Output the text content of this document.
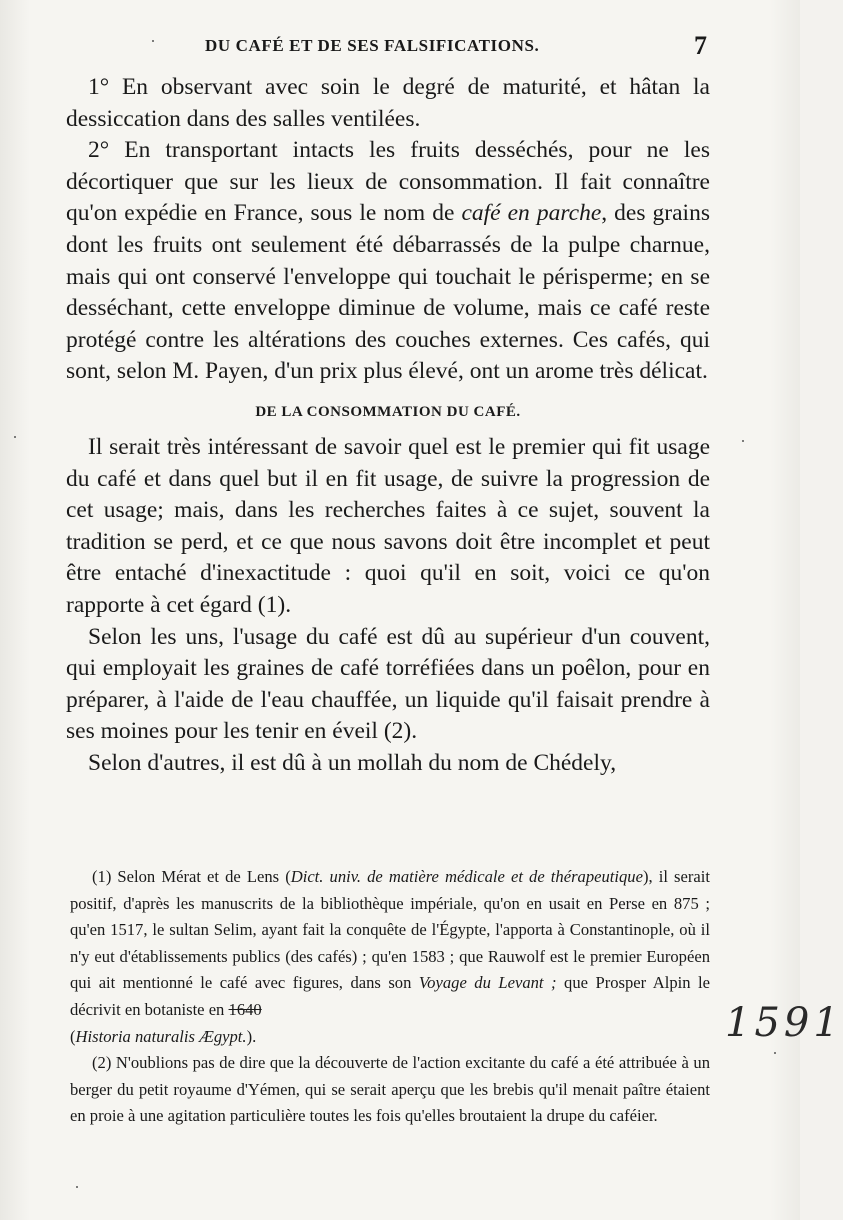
DU CAFÉ ET DE SES FALSIFICATIONS.	7

1° En observant avec soin le degré de maturité, et hâtan la dessiccation dans des salles ventilées.

2° En transportant intacts les fruits desséchés, pour ne les décortiquer que sur les lieux de consommation. Il fait connaître qu'on expédie en France, sous le nom de café en parche, des grains dont les fruits ont seulement été débarrassés de la pulpe charnue, mais qui ont conservé l'enveloppe qui touchait le périsperme; en se desséchant, cette enveloppe diminue de volume, mais ce café reste protégé contre les altérations des couches externes. Ces cafés, qui sont, selon M. Payen, d'un prix plus élevé, ont un arome très délicat.

DE LA CONSOMMATION DU CAFÉ.

Il serait très intéressant de savoir quel est le premier qui fit usage du café et dans quel but il en fit usage, de suivre la progression de cet usage; mais, dans les recherches faites à ce sujet, souvent la tradition se perd, et ce que nous savons doit être incomplet et peut être entaché d'inexactitude : quoi qu'il en soit, voici ce qu'on rapporte à cet égard (1).

Selon les uns, l'usage du café est dû au supérieur d'un couvent, qui employait les graines de café torréfiées dans un poêlon, pour en préparer, à l'aide de l'eau chauffée, un liquide qu'il faisait prendre à ses moines pour les tenir en éveil (2).

Selon d'autres, il est dû à un mollah du nom de Chédely,

(1) Selon Mérat et de Lens (Dict. univ. de matière médicale et de thérapeutique), il serait positif, d'après les manuscrits de la bibliothèque impériale, qu'on en usait en Perse en 875 ; qu'en 1517, le sultan Selim, ayant fait la conquête de l'Égypte, l'apporta à Constantinople, où il n'y eut d'établissements publics (des cafés) ; qu'en 1583 ; que Rauwolf est le premier Européen qui ait mentionné le café avec figures, dans son Voyage du Levant ; que Prosper Alpin le décrivit en botaniste en 1640
(Historia naturalis Ægypt.).

(2) N'oublions pas de dire que la découverte de l'action excitante du café a été attribuée à un berger du petit royaume d'Yémen, qui se serait aperçu que les brebis qu'il menait paître étaient en proie à une agitation particulière toutes les fois qu'elles broutaient la drupe du caféier.

1591
